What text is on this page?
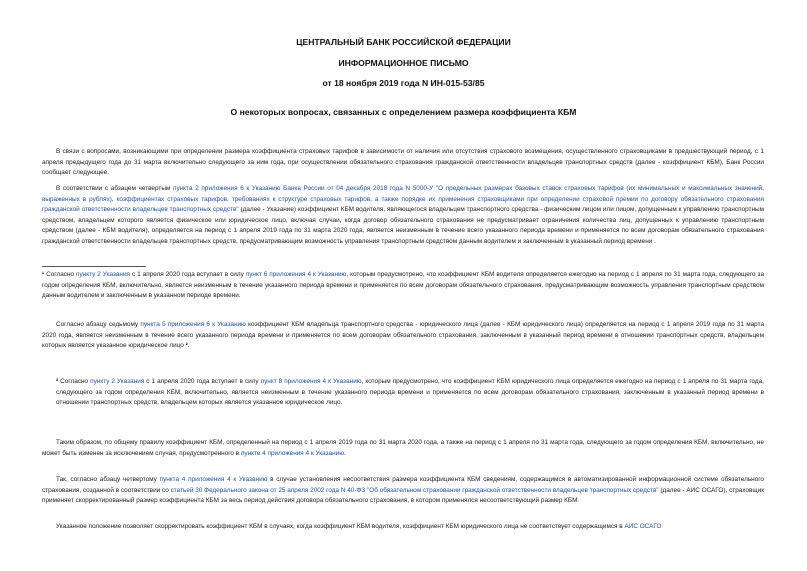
ЦЕНТРАЛЬНЫЙ БАНК РОССИЙСКОЙ ФЕДЕРАЦИИ
ИНФОРМАЦИОННОЕ ПИСЬМО
от 18 ноября 2019 года N ИН-015-53/85
О некоторых вопросах, связанных с определением размера коэффициента КБМ

В связи с вопросами, возникающими при определении размера коэффициента страховых тарифов в зависимости от наличия или отсутствия страхового возмещения, осуществленного страховщиками в предшествующий период, с 1 апреля предыдущего года до 31 марта включительно следующего за ним года, при осуществлении обязательного страхования гражданской ответственности владельцев транспортных средств (далее - коэффициент КБМ), Банк России сообщает следующее.

В соответствии с абзацем четвертым пункта 2 приложения 6 к Указанию Банка России от 04 декабря 2018 года N 5000-У "О предельных размерах базовых ставок страховых тарифов (их минимальных и максимальных значений, выраженных в рублях), коэффициентах страховых тарифов, требованиях к структуре страховых тарифов, а также порядке их применения страховщиками при определении страховой премии по договору обязательного страхования гражданской ответственности владельцев транспортных средств" (далее - Указание) коэффициент КБМ водителя, являющегося владельцем транспортного средства - физическим лицом или лицом, допущенным к управлению транспортным средством, владельцем которого является физическое или юридическое лицо, включая случаи, когда договор обязательного страхования не предусматривает ограничения количества лиц, допущенных к управлению транспортным средством (далее - КБМ водителя), определяется на период с 1 апреля 2019 года по 31 марта 2020 года, является неизменным в течение всего указанного периода времени и применяется по всем договорам обязательного страхования гражданской ответственности владельцев транспортных средств, предусматривающим возможность управления транспортным средством данным водителем и заключенным в указанный период времени .

¹ Согласно пункту 2 Указания с 1 апреля 2020 года вступает в силу пункт 6 приложения 4 к Указанию, которым предусмотрено, что коэффициент КБМ водителя определяется ежегодно на период с 1 апреля по 31 марта года, следующего за годом определения КБМ, включительно, является неизменным в течение указанного периода времени и применяется по всем договорам обязательного страхования, предусматривающим возможность управления транспортным средством данным водителем и заключенным в указанном периоде времени.

Согласно абзацу седьмому пункта 5 приложения 6 к Указанию коэффициент КБМ владельца транспортного средства - юридического лица (далее - КБМ юридического лица) определяется на период с 1 апреля 2019 года по 31 марта 2020 года, является неизменным в течение всего указанного периода времени и применяется по всем договорам обязательного страхования, заключенным в указанный период времени в отношении транспортных средств, владельцем которых является указанное юридическое лицо ².

² Согласно пункту 2 Указания с 1 апреля 2020 года вступает в силу пункт 8 приложения 4 к Указанию, которым предусмотрено, что коэффициент КБМ юридического лица определяется ежегодно на период с 1 апреля по 31 марта года, следующего за годом определения КБМ, включительно, является неизменным в течение указанного периода времени и применяется по всем договорам обязательного страхования, заключенным в указанный период времени в отношении транспортных средств, владельцем которых является указанное юридическое лицо.

Таким образом, по общему правилу коэффициент КБМ, определенный на период с 1 апреля 2019 года по 31 марта 2020 года, а также на период с 1 апреля по 31 марта года, следующего за годом определения КБМ, включительно, не может быть изменен за исключением случая, предусмотренного в пункте 4 приложения 4 к Указанию.

Так, согласно абзацу четвертому пункта 4 приложения 4 к Указанию в случае установления несоответствия размера коэффициента КБМ сведениям, содержащимся в автоматизированной информационной системе обязательного страхования, созданной в соответствии со статьей 30 Федерального закона от 25 апреля 2002 года N 40-ФЗ "Об обязательном страховании гражданской ответственности владельцев транспортных средств" (далее - АИС ОСАГО), страховщик применяет скорректированный размер коэффициента КБМ за весь период действия договора обязательного страхования, в котором применялся несоответствующий размер КБМ.

Указанное положение позволяет скорректировать коэффициент КБМ в случаях, когда коэффициент КБМ водителя, коэффициент КБМ юридического лица не соответствует содержащимся в АИС ОСАГО
